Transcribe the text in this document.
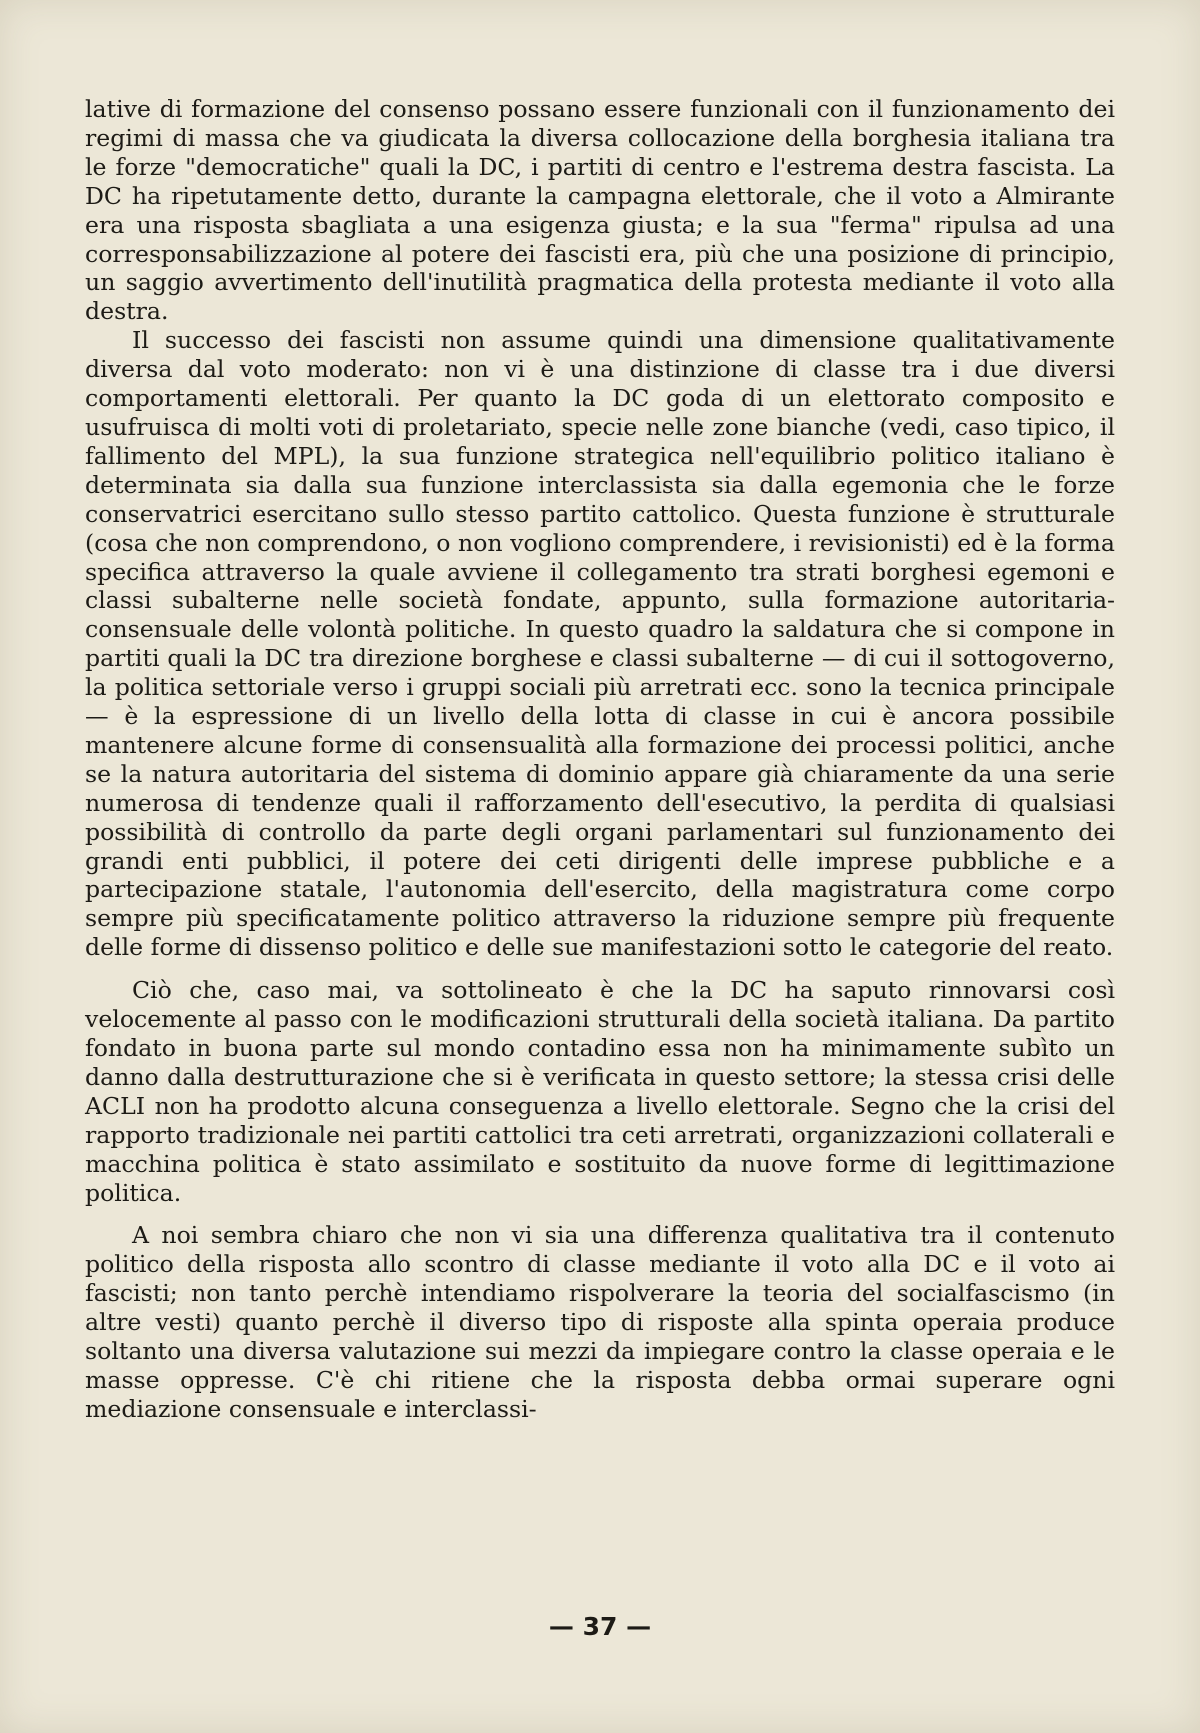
lative di formazione del consenso possano essere funzionali con il funzionamento dei regimi di massa che va giudicata la diversa collocazione della borghesia italiana tra le forze "democratiche" quali la DC, i partiti di centro e l'estrema destra fascista. La DC ha ripetutamente detto, durante la campagna elettorale, che il voto a Almirante era una risposta sbagliata a una esigenza giusta; e la sua "ferma" ripulsa ad una corresponsabilizzazione al potere dei fascisti era, più che una posizione di principio, un saggio avvertimento dell'inutilità pragmatica della protesta mediante il voto alla destra.

Il successo dei fascisti non assume quindi una dimensione qualitativamente diversa dal voto moderato: non vi è una distinzione di classe tra i due diversi comportamenti elettorali. Per quanto la DC goda di un elettorato composito e usufruisca di molti voti di proletariato, specie nelle zone bianche (vedi, caso tipico, il fallimento del MPL), la sua funzione strategica nell'equilibrio politico italiano è determinata sia dalla sua funzione interclassista sia dalla egemonia che le forze conservatrici esercitano sullo stesso partito cattolico. Questa funzione è strutturale (cosa che non comprendono, o non vogliono comprendere, i revisionisti) ed è la forma specifica attraverso la quale avviene il collegamento tra strati borghesi egemoni e classi subalterne nelle società fondate, appunto, sulla formazione autoritaria-consensuale delle volontà politiche. In questo quadro la saldatura che si compone in partiti quali la DC tra direzione borghese e classi subalterne — di cui il sottogoverno, la politica settoriale verso i gruppi sociali più arretrati ecc. sono la tecnica principale — è la espressione di un livello della lotta di classe in cui è ancora possibile mantenere alcune forme di consensualità alla formazione dei processi politici, anche se la natura autoritaria del sistema di dominio appare già chiaramente da una serie numerosa di tendenze quali il rafforzamento dell'esecutivo, la perdita di qualsiasi possibilità di controllo da parte degli organi parlamentari sul funzionamento dei grandi enti pubblici, il potere dei ceti dirigenti delle imprese pubbliche e a partecipazione statale, l'autonomia dell'esercito, della magistratura come corpo sempre più specificatamente politico attraverso la riduzione sempre più frequente delle forme di dissenso politico e delle sue manifestazioni sotto le categorie del reato.

Ciò che, caso mai, va sottolineato è che la DC ha saputo rinnovarsi così velocemente al passo con le modificazioni strutturali della società italiana. Da partito fondato in buona parte sul mondo contadino essa non ha minimamente subìto un danno dalla destrutturazione che si è verificata in questo settore; la stessa crisi delle ACLI non ha prodotto alcuna conseguenza a livello elettorale. Segno che la crisi del rapporto tradizionale nei partiti cattolici tra ceti arretrati, organizzazioni collaterali e macchina politica è stato assimilato e sostituito da nuove forme di legittimazione politica.

A noi sembra chiaro che non vi sia una differenza qualitativa tra il contenuto politico della risposta allo scontro di classe mediante il voto alla DC e il voto ai fascisti; non tanto perchè intendiamo rispolverare la teoria del socialfascismo (in altre vesti) quanto perchè il diverso tipo di risposte alla spinta operaia produce soltanto una diversa valutazione sui mezzi da impiegare contro la classe operaia e le masse oppresse. C'è chi ritiene che la risposta debba ormai superare ogni mediazione consensuale e interclassi-

— 37 —
